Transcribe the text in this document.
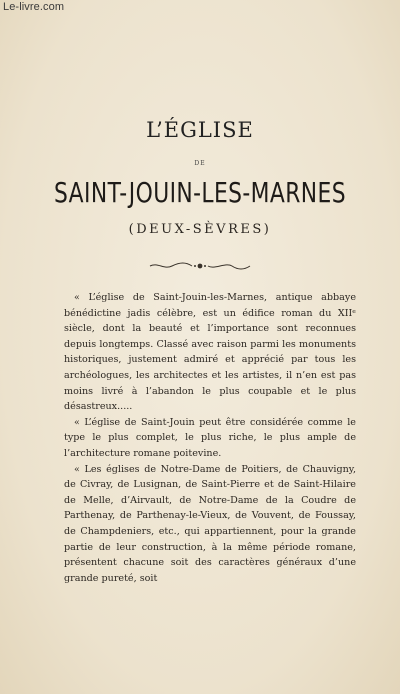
Le-livre.com
L’ÉGLISE
DE
SAINT-JOUIN-LES-MARNES
(DEUX-SÈVRES)

« L’église de Saint-Jouin-les-Marnes, antique abbaye bénédictine jadis célèbre, est un édifice roman du XIIᵉ siècle, dont la beauté et l’importance sont reconnues depuis longtemps. Classé avec raison parmi les monuments historiques, justement admiré et apprécié par tous les archéologues, les architectes et les artistes, il n’en est pas moins livré à l’abandon le plus coupable et le plus désastreux.....

« L’église de Saint-Jouin peut être considérée comme le type le plus complet, le plus riche, le plus ample de l’architecture romane poitevine.

« Les églises de Notre-Dame de Poitiers, de Chauvigny, de Civray, de Lusignan, de Saint-Pierre et de Saint-Hilaire de Melle, d’Airvault, de Notre-Dame de la Coudre de Parthenay, de Parthenay-le-Vieux, de Vouvent, de Foussay, de Champdeniers, etc., qui appartiennent, pour la grande partie de leur construction, à la même période romane, présentent chacune soit des caractères généraux d’une grande pureté, soit
